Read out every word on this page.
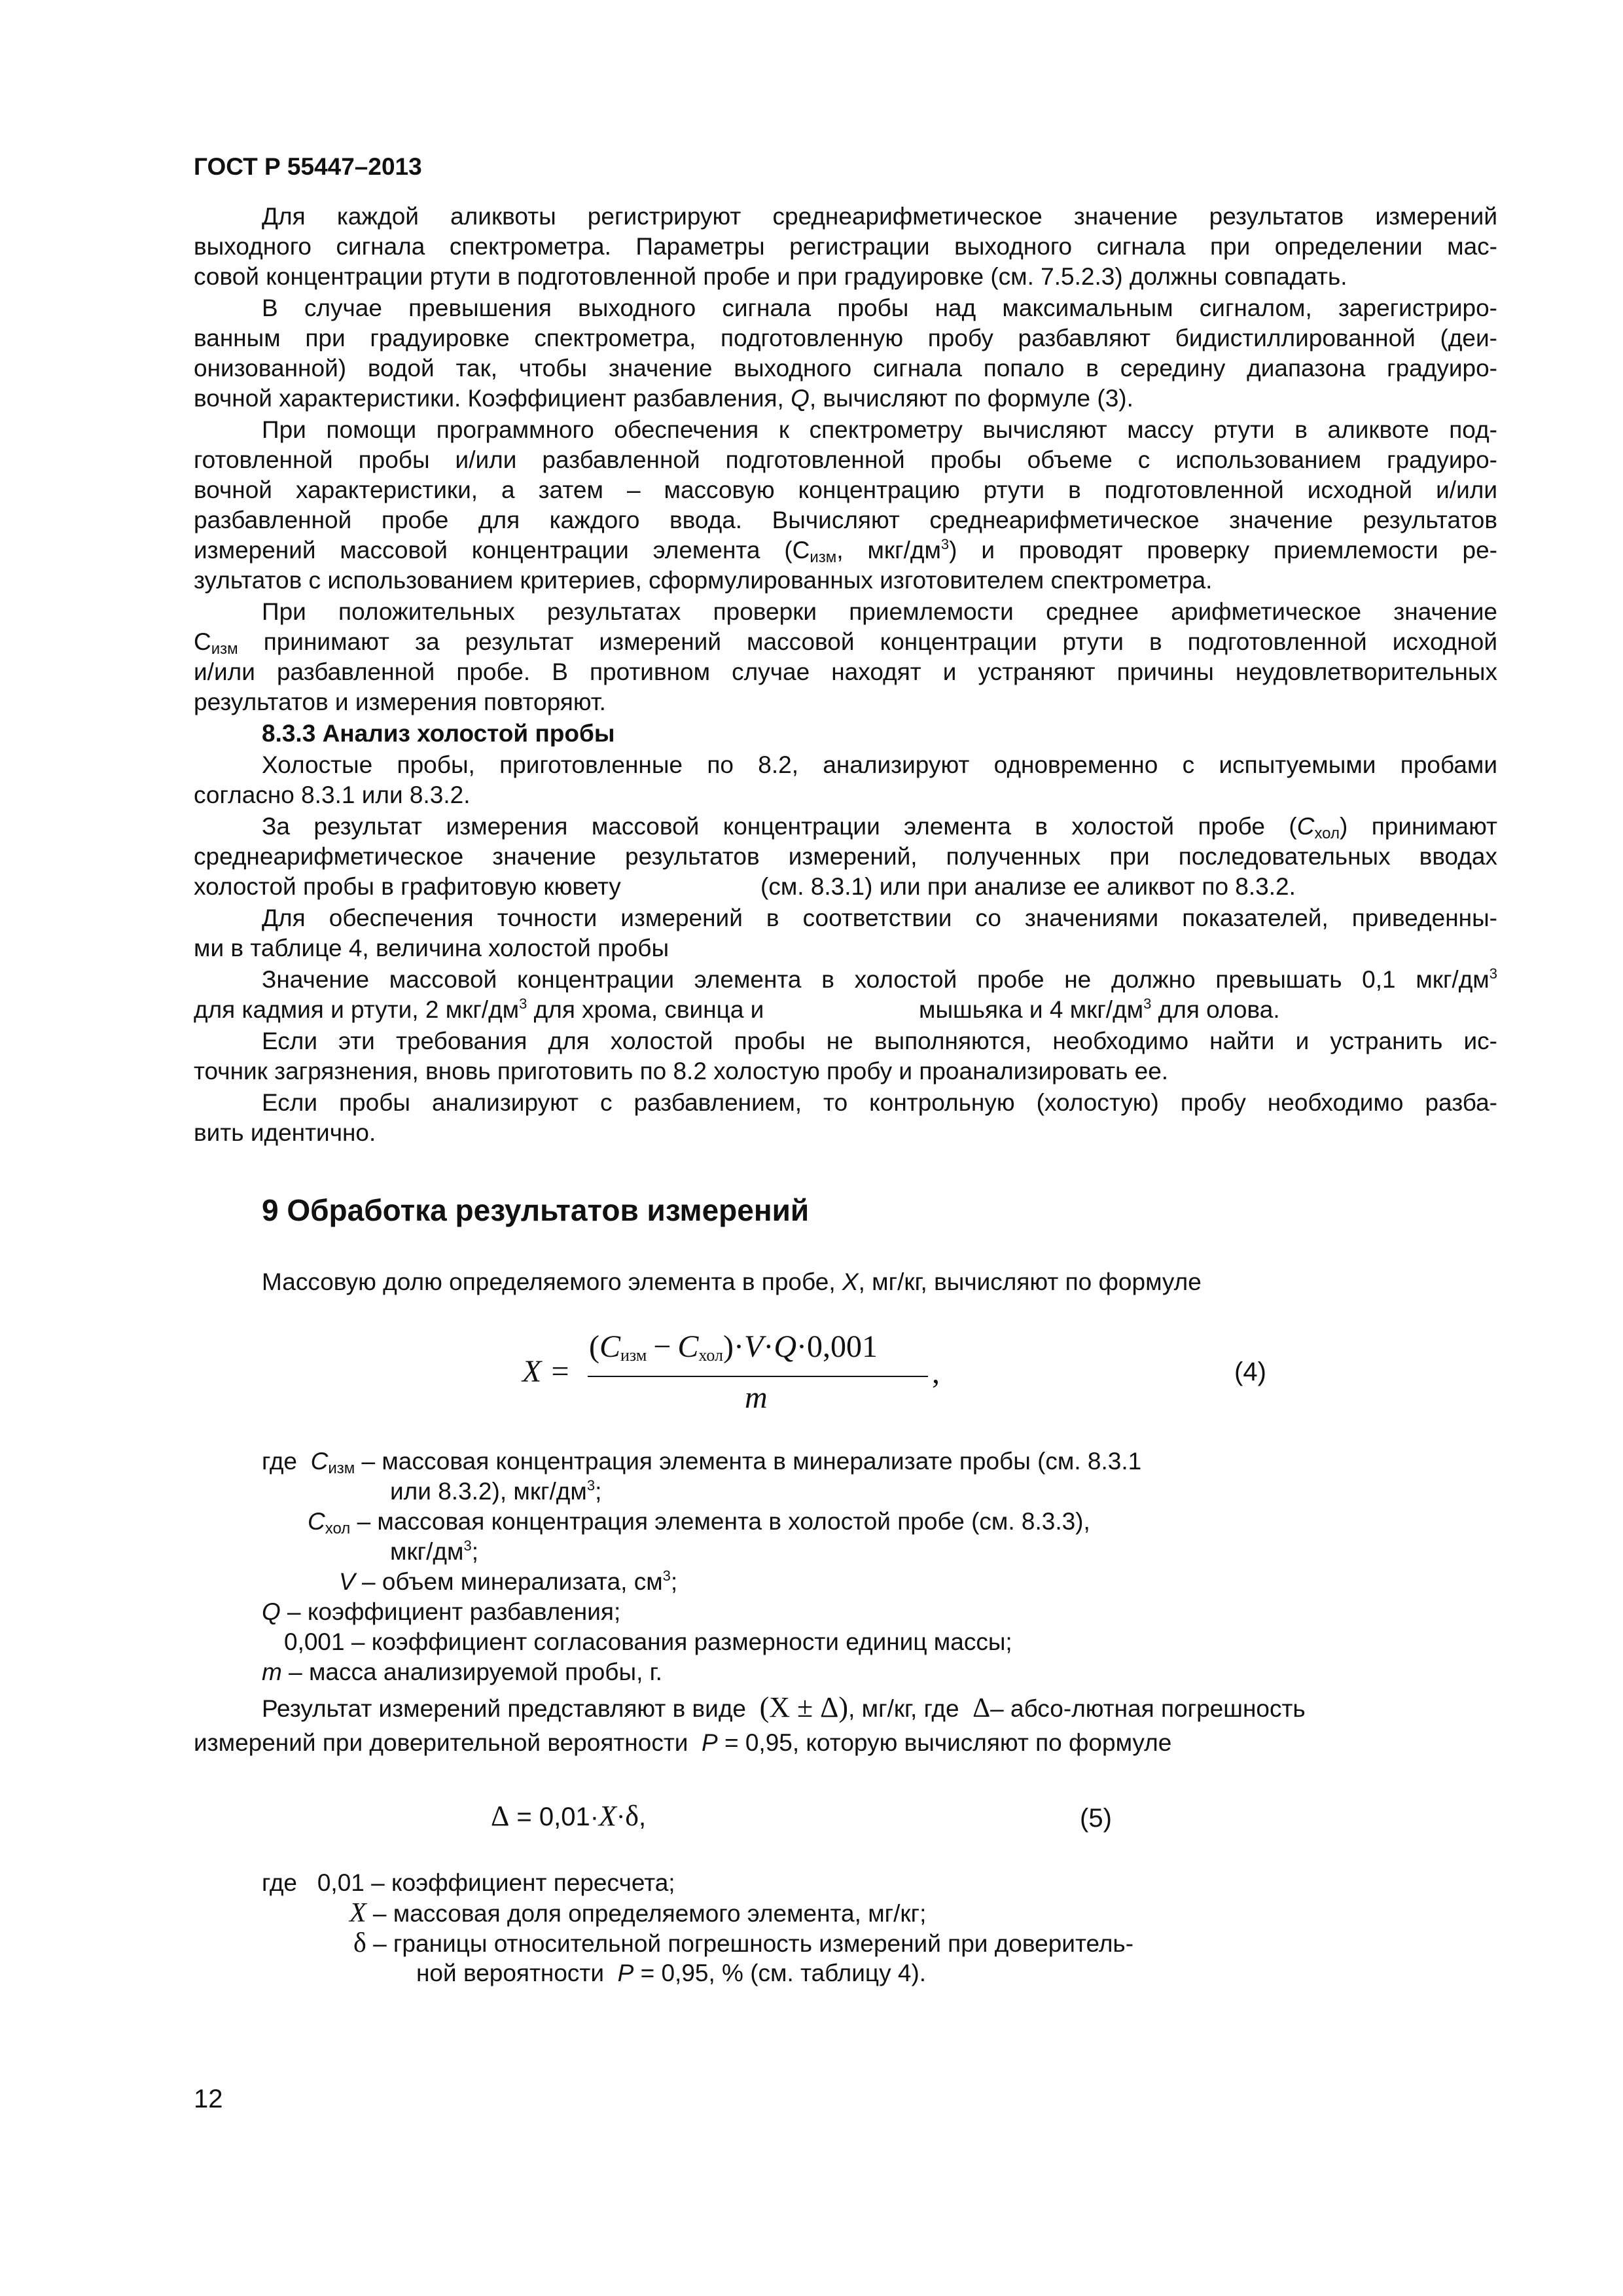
ГОСТ Р 55447–2013
Для каждой аликвоты регистрируют среднеарифметическое значение результатов измерений
выходного сигнала спектрометра. Параметры регистрации выходного сигнала при определении мас-
совой концентрации ртути в подготовленной пробе и при градуировке (см. 7.5.2.3) должны совпадать.
В случае превышения выходного сигнала пробы над максимальным сигналом, зарегистриро-
ванным при градуировке спектрометра, подготовленную пробу разбавляют бидистиллированной (деи-
онизованной) водой так, чтобы значение выходного сигнала попало в середину диапазона градуиро-
вочной характеристики. Коэффициент разбавления, Q, вычисляют по формуле (3).
При помощи программного обеспечения к спектрометру вычисляют массу ртути в аликвоте под-
готовленной пробы и/или разбавленной подготовленной пробы объеме с использованием градуиро-
вочной характеристики, а затем – массовую концентрацию ртути в подготовленной исходной и/или
разбавленной пробе для каждого ввода. Вычисляют среднеарифметическое значение результатов
измерений массовой концентрации элемента ($С_{изм}$, мкг/$дм^3$) и проводят проверку приемлемости ре-
зультатов с использованием критериев, сформулированных изготовителем спектрометра.
При положительных результатах проверки приемлемости среднее арифметическое значение
$С_{изм}$ принимают за результат измерений массовой концентрации ртути в подготовленной исходной
и/или разбавленной пробе. В противном случае находят и устраняют причины неудовлетворительных
результатов и измерения повторяют.
8.3.3 Анализ холостой пробы
Холостые пробы, приготовленные по 8.2, анализируют одновременно с испытуемыми пробами
согласно 8.3.1 или 8.3.2.
За результат измерения массовой концентрации элемента в холостой пробе $(С_{хол})$ принимают
среднеарифметическое значение результатов измерений, полученных при последовательных вводах
холостой пробы в графитовую кювету	(см. 8.3.1) или при анализе ее аликвот по 8.3.2.
Для обеспечения точности измерений в соответствии со значениями показателей, приведенны-
ми в таблице 4, величина холостой пробы
Значение массовой концентрации элемента в холостой пробе не должно превышать 0,1 мкг/$дм^3$
для кадмия и ртути, 2 мкг/$дм^3$ для хрома, свинца и	мышьяка и 4 мкг/$дм^3$ для олова.
Если эти требования для холостой пробы не выполняются, необходимо найти и устранить ис-
точник загрязнения, вновь приготовить по 8.2 холостую пробу и проанализировать ее.
Если пробы анализируют с разбавлением, то контрольную (холостую) пробу необходимо разба-
вить идентично.
9 Обработка результатов измерений
Массовую долю определяемого элемента в пробе, X, мг/кг, вычисляют по формуле
X =
$(C_{изм} - C_{хол})\cdot V\cdot Q\cdot 0,001$
m
,	(4)
где $С_{изм}$ – массовая концентрация элемента в минерализате пробы (см. 8.3.1
или 8.3.2), мкг/$дм^3$;
$С_{хол}$ – массовая концентрация элемента в холостой пробе (см. 8.3.3),
мкг/$дм^3$;
V – объем минерализата, $см^3$;
Q – коэффициент разбавления;
0,001 – коэффициент согласования размерности единиц массы;
m – масса анализируемой пробы, г.
Результат измерений представляют в виде (X ± Δ), мг/кг, где Δ– абсо-лютная погрешность
измерений при доверительной вероятности Р = 0,95, которую вычисляют по формуле
Δ = 0,01·X·δ,	(5)
где 0,01 – коэффициент пересчета;
X – массовая доля определяемого элемента, мг/кг;
δ – границы относительной погрешность измерений при доверитель-
ной вероятности Р = 0,95, % (см. таблицу 4).
12
